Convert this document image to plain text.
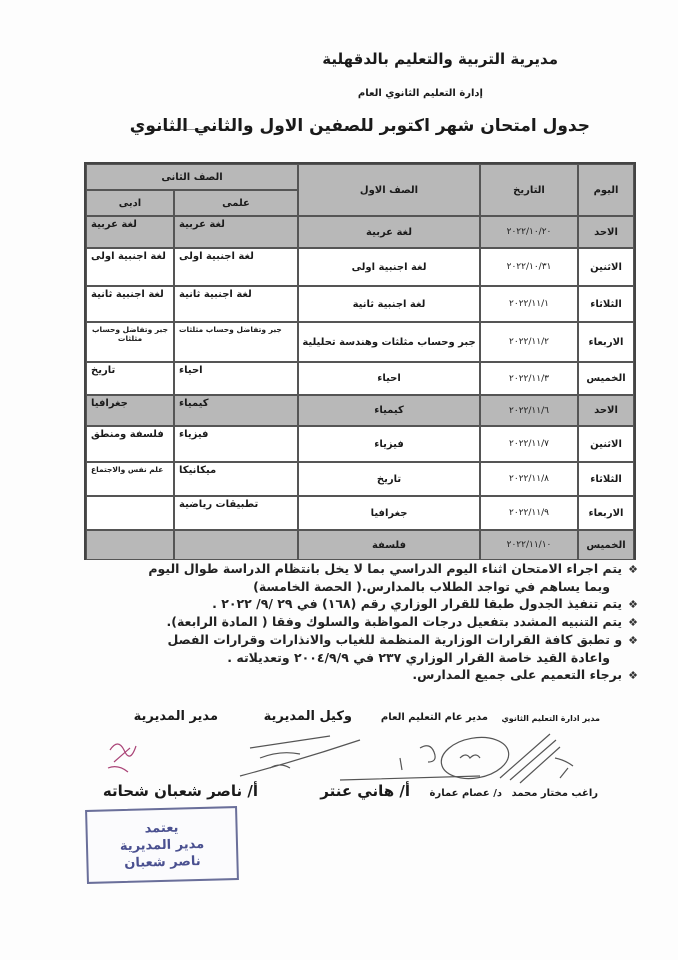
مديرية التربية والتعليم بالدقهلية
إدارة التعليم الثانوي العام
جدول امتحان شهر اكتوبر للصفين الاول والثاني الثانوي
اليوم
التاريخ
الصف الاول
الصف الثانى
علمى
ادبى
الاحد
٢٠٢٢/١٠/٢٠
لغة عربية
لغة عربية
لغة عربية
الاثنين
٢٠٢٢/١٠/٣١
لغة اجنبية اولى
لغة اجنبية اولى
لغة اجنبية اولى
الثلاثاء
٢٠٢٢/١١/١
لغة اجنبية ثانية
لغة اجنبية ثانية
لغة اجنبية ثانية
الاربعاء
٢٠٢٢/١١/٢
جبر وحساب مثلثات وهندسة تحليلية
جبر وتفاضل وحساب مثلثات
جبر وتفاضل وحساب مثلثات
الخميس
٢٠٢٢/١١/٣
احياء
احياء
تاريخ
الاحد
٢٠٢٢/١١/٦
كيمياء
كيمياء
جغرافيا
الاثنين
٢٠٢٢/١١/٧
فيزياء
فيزياء
فلسفة ومنطق
الثلاثاء
٢٠٢٢/١١/٨
تاريخ
ميكانيكا
علم نفس والاجتماع
الاربعاء
٢٠٢٢/١١/٩
جغرافيا
تطبيقات رياضية
الخميس
٢٠٢٢/١١/١٠
فلسفة

❖يتم اجراء الامتحان اثناء اليوم الدراسي بما لا يخل بانتظام الدراسة طوال اليوم

وبما يساهم في تواجد الطلاب بالمدارس.( الحصة الخامسة)

❖يتم تنفيذ الجدول طبقا للقرار الوزاري رقم (١٦٨) في ٢٩ /٩/ ٢٠٢٢ .

❖يتم التنبيه المشدد بتفعيل درجات المواظبة والسلوك وفقا ( المادة الرابعة).

❖و تطبق كافة القرارات الوزارية المنظمة للغياب والانذارات وقرارات الفصل

واعادة القيد خاصة القرار الوزاري ٢٣٧ في ٢٠٠٤/٩/٩ وتعديلاته .

❖برجاء التعميم على جميع المدارس.

مدير ادارة التعليم الثانوي
مدير عام التعليم العام
وكيل المديرية
مدير المديرية
راغب مختار محمد
د/ عصام عمارة
أ/ هاني عنتر
أ/ ناصر شعبان شحاته
يعتمد
مدير المديرية
ناصر شعبان
